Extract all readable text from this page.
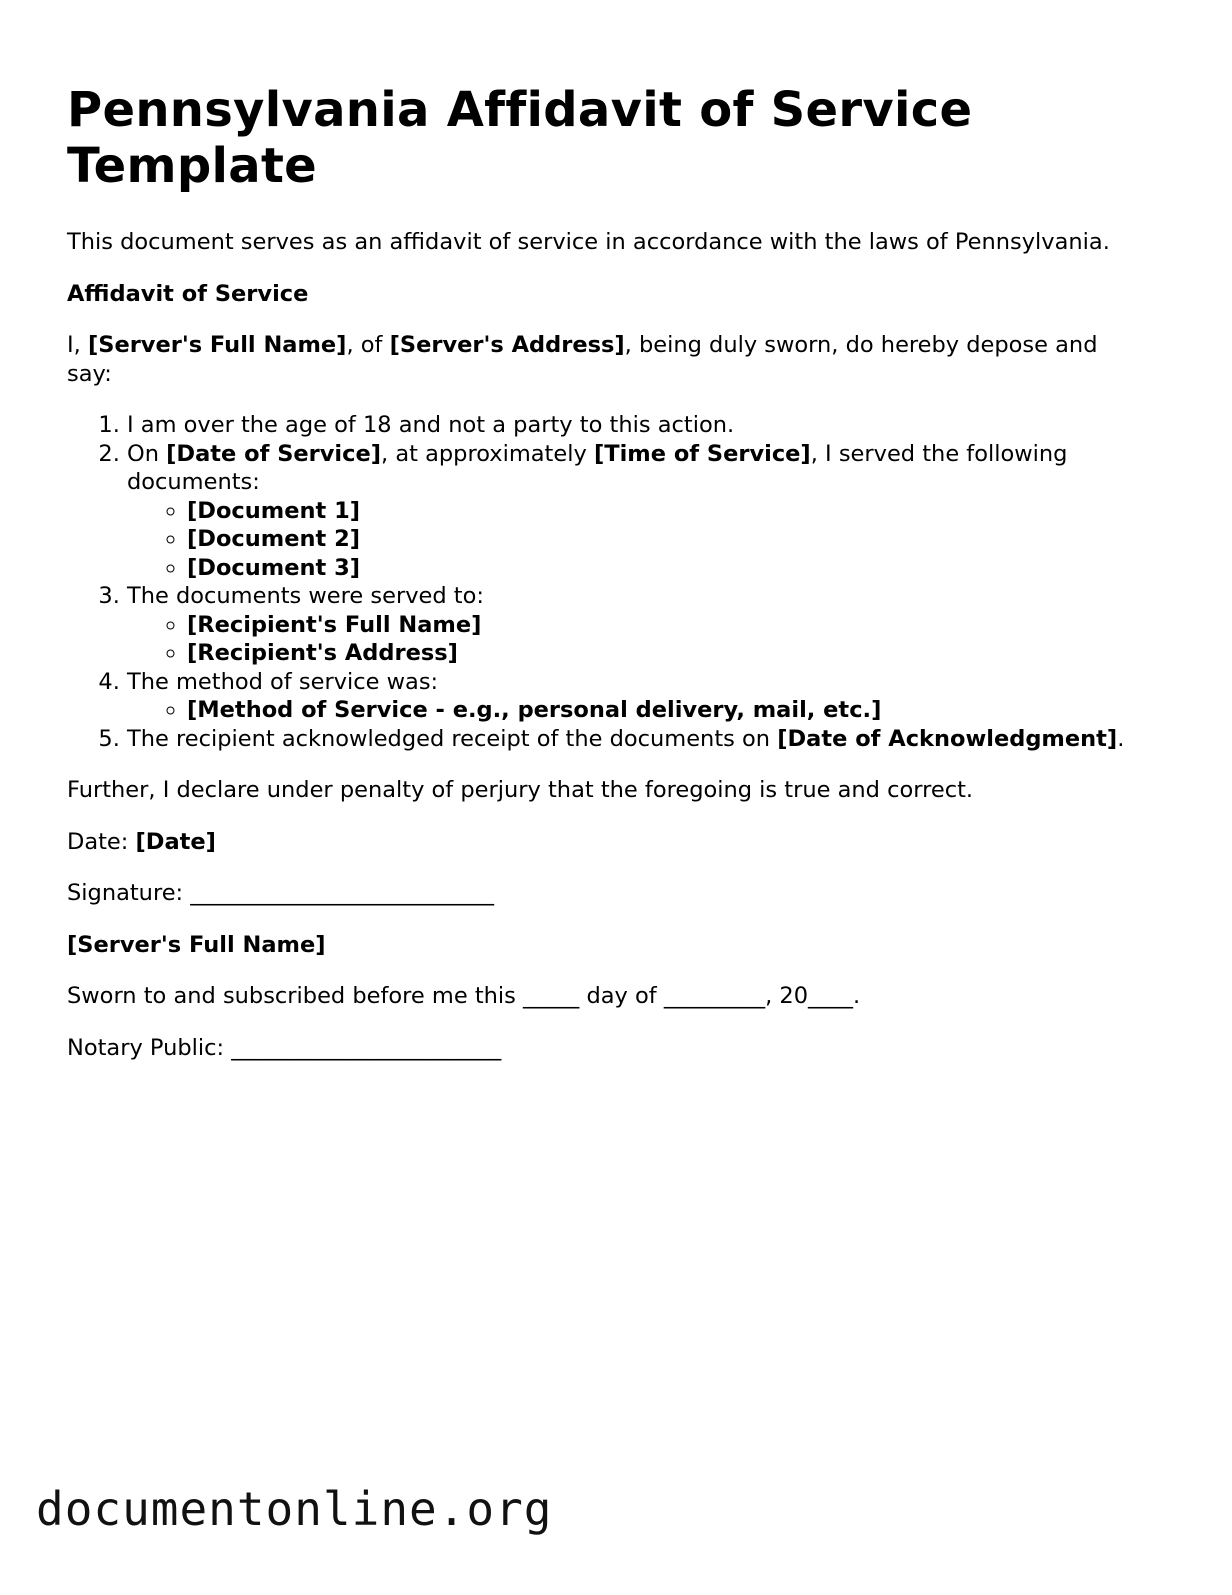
Pennsylvania Affidavit of Service Template

This document serves as an affidavit of service in accordance with the laws of Pennsylvania.

Affidavit of Service

I, [Server's Full Name], of [Server's Address], being duly sworn, do hereby depose and say:

1. I am over the age of 18 and not a party to this action.
2. On [Date of Service], at approximately [Time of Service], I served the following documents:
◦ [Document 1]
◦ [Document 2]
◦ [Document 3]
3. The documents were served to:
◦ [Recipient's Full Name]
◦ [Recipient's Address]
4. The method of service was:
◦ [Method of Service - e.g., personal delivery, mail, etc.]
5. The recipient acknowledged receipt of the documents on [Date of Acknowledgment].

Further, I declare under penalty of perjury that the foregoing is true and correct.

Date: [Date]

Signature: ___________________________

[Server's Full Name]

Sworn to and subscribed before me this _____ day of _________, 20____.

Notary Public: ________________________

documentonline.org
